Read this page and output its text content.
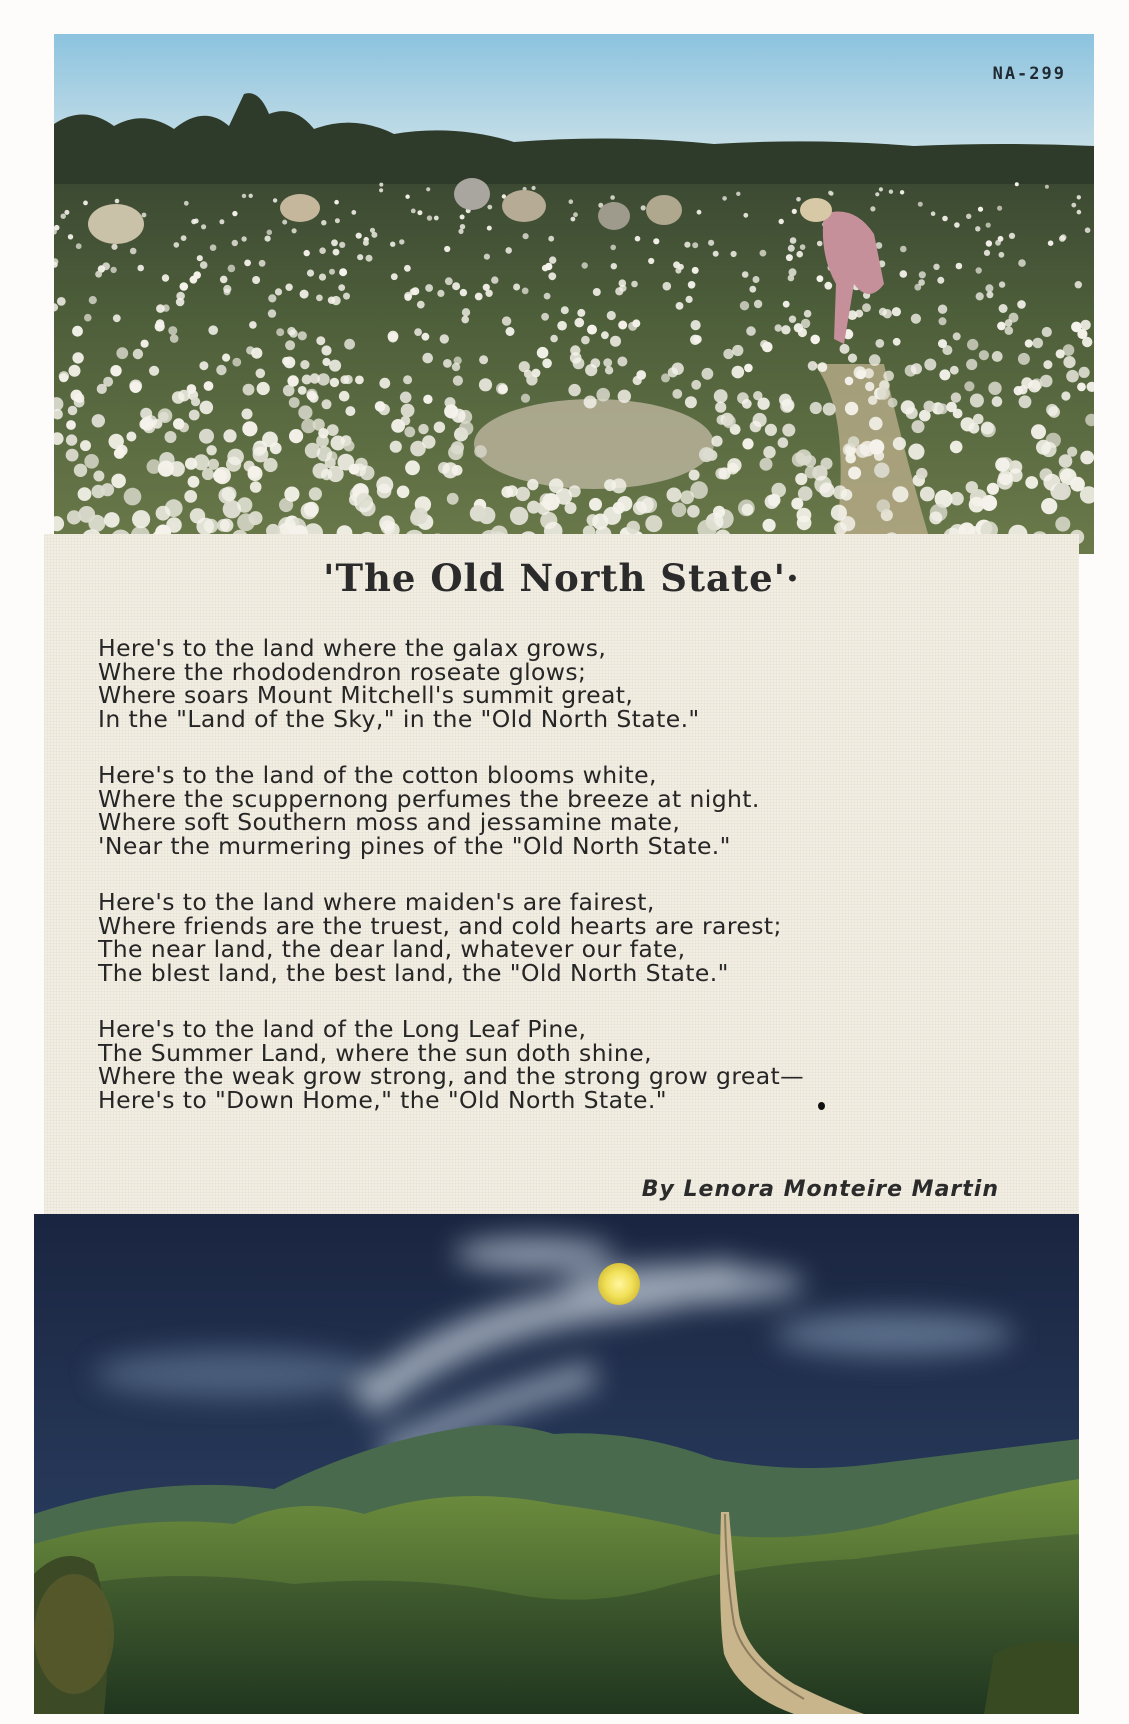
NA-299
'The Old North State'·
Here's to the land where the galax grows,
Where the rhododendron roseate glows;
Where soars Mount Mitchell's summit great,
In the "Land of the Sky," in the "Old North State."
Here's to the land of the cotton blooms white,
Where the scuppernong perfumes the breeze at night.
Where soft Southern moss and jessamine mate,
'Near the murmering pines of the "Old North State."
Here's to the land where maiden's are fairest,
Where friends are the truest, and cold hearts are rarest;
The near land, the dear land, whatever our fate,
The blest land, the best land, the "Old North State."
Here's to the land of the Long Leaf Pine,
The Summer Land, where the sun doth shine,
Where the weak grow strong, and the strong grow great—
Here's to "Down Home," the "Old North State."
By Lenora Monteire Martin
